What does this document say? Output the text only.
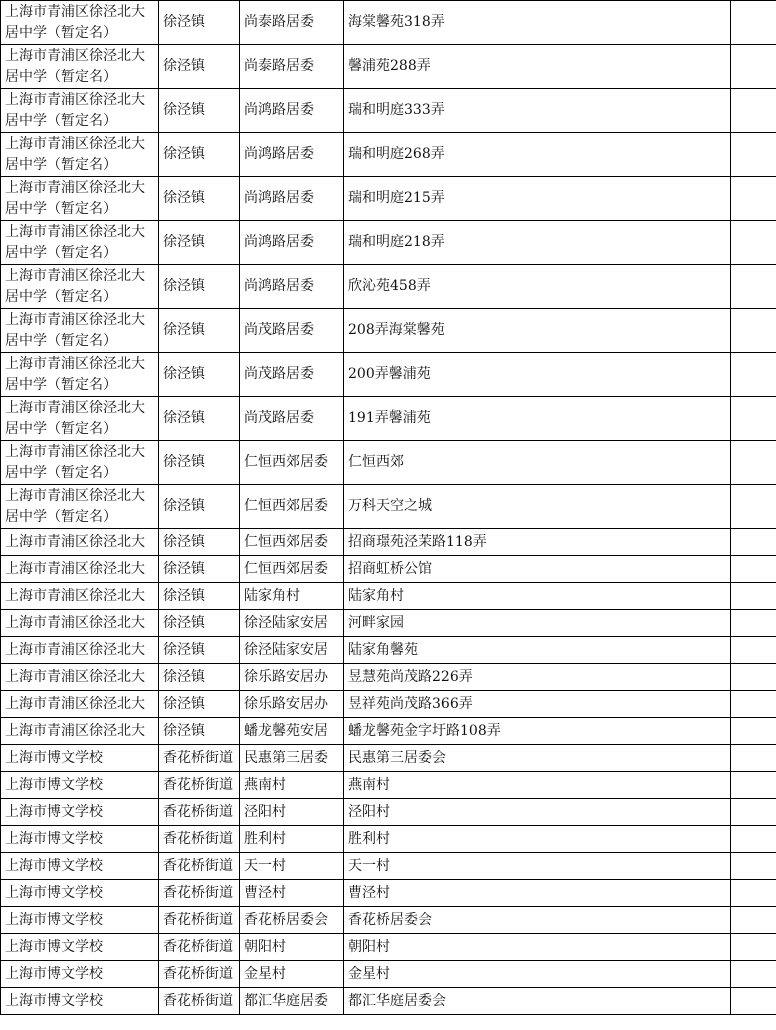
上海市青浦区徐泾北大居中学（暂定名）	徐泾镇	尚泰路居委	海棠馨苑318弄	
上海市青浦区徐泾北大居中学（暂定名）	徐泾镇	尚泰路居委	馨浦苑288弄	
上海市青浦区徐泾北大居中学（暂定名）	徐泾镇	尚鸿路居委	瑞和明庭333弄	
上海市青浦区徐泾北大居中学（暂定名）	徐泾镇	尚鸿路居委	瑞和明庭268弄	
上海市青浦区徐泾北大居中学（暂定名）	徐泾镇	尚鸿路居委	瑞和明庭215弄	
上海市青浦区徐泾北大居中学（暂定名）	徐泾镇	尚鸿路居委	瑞和明庭218弄	
上海市青浦区徐泾北大居中学（暂定名）	徐泾镇	尚鸿路居委	欣沁苑458弄	
上海市青浦区徐泾北大居中学（暂定名）	徐泾镇	尚茂路居委	208弄海棠馨苑	
上海市青浦区徐泾北大居中学（暂定名）	徐泾镇	尚茂路居委	200弄馨浦苑	
上海市青浦区徐泾北大居中学（暂定名）	徐泾镇	尚茂路居委	191弄馨浦苑	
上海市青浦区徐泾北大居中学（暂定名）	徐泾镇	仁恒西郊居委	仁恒西郊	
上海市青浦区徐泾北大居中学（暂定名）	徐泾镇	仁恒西郊居委	万科天空之城	
上海市青浦区徐泾北大	徐泾镇	仁恒西郊居委	招商璟苑泾茉路118弄	
上海市青浦区徐泾北大	徐泾镇	仁恒西郊居委	招商虹桥公馆	
上海市青浦区徐泾北大	徐泾镇	陆家角村	陆家角村	
上海市青浦区徐泾北大	徐泾镇	徐泾陆家安居	河畔家园	
上海市青浦区徐泾北大	徐泾镇	徐泾陆家安居	陆家角馨苑	
上海市青浦区徐泾北大	徐泾镇	徐乐路安居办	昱慧苑尚茂路226弄	
上海市青浦区徐泾北大	徐泾镇	徐乐路安居办	昱祥苑尚茂路366弄	
上海市青浦区徐泾北大	徐泾镇	蟠龙馨苑安居	蟠龙馨苑金字圩路108弄	
上海市博文学校	香花桥街道	民惠第三居委	民惠第三居委会	
上海市博文学校	香花桥街道	燕南村	燕南村	
上海市博文学校	香花桥街道	泾阳村	泾阳村	
上海市博文学校	香花桥街道	胜利村	胜利村	
上海市博文学校	香花桥街道	天一村	天一村	
上海市博文学校	香花桥街道	曹泾村	曹泾村	
上海市博文学校	香花桥街道	香花桥居委会	香花桥居委会	
上海市博文学校	香花桥街道	朝阳村	朝阳村	
上海市博文学校	香花桥街道	金星村	金星村	
上海市博文学校	香花桥街道	都汇华庭居委	都汇华庭居委会	
